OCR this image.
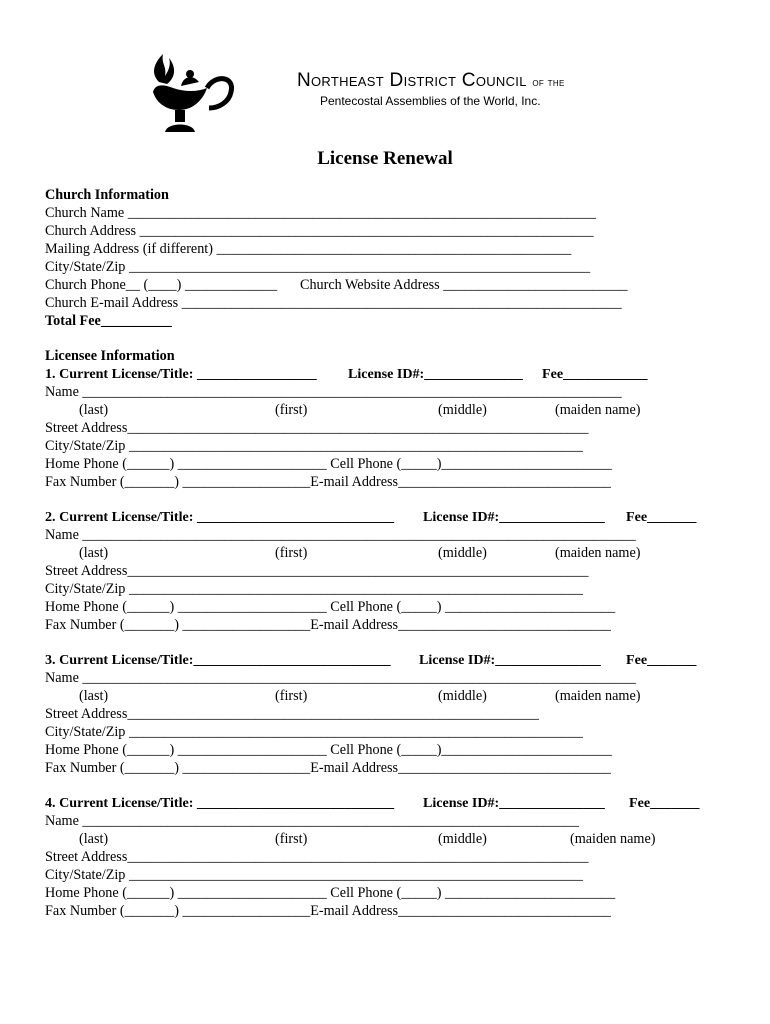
Northeast District Council of the
Pentecostal Assemblies of the World, Inc.
License Renewal
Church Information
Church Name __________________________________________________________________
Church Address ________________________________________________________________
Mailing Address (if different) __________________________________________________
City/State/Zip _________________________________________________________________
Church Phone__ (____) _____________ Church Website Address __________________________
Church E-mail Address ______________________________________________________________
Total Fee__________
Licensee Information
1. Current License/Title: _________________ License ID#:______________ Fee____________
Name ____________________________________________________________________________
(last)	(first)	(middle)	(maiden name)
Street Address_________________________________________________________________
City/State/Zip ________________________________________________________________
Home Phone (______) _____________________ Cell Phone (_____)________________________
Fax Number (_______) __________________E-mail Address______________________________
2. Current License/Title: ____________________________ License ID#:_______________ Fee_______
Name ______________________________________________________________________________
(last)	(first)	(middle)	(maiden name)
Street Address_________________________________________________________________
City/State/Zip ________________________________________________________________
Home Phone (______) _____________________ Cell Phone (_____) ________________________
Fax Number (_______) __________________E-mail Address______________________________
3. Current License/Title:____________________________ License ID#:_______________ Fee_______
Name ______________________________________________________________________________
(last)	(first)	(middle)	(maiden name)
Street Address__________________________________________________________
City/State/Zip ________________________________________________________________
Home Phone (______) _____________________ Cell Phone (_____)________________________
Fax Number (_______) __________________E-mail Address______________________________
4. Current License/Title: ____________________________ License ID#:_______________ Fee_______
Name ______________________________________________________________________
(last)	(first)	(middle)	(maiden name)
Street Address_________________________________________________________________
City/State/Zip ________________________________________________________________
Home Phone (______) _____________________ Cell Phone (_____) ________________________
Fax Number (_______) __________________E-mail Address______________________________
